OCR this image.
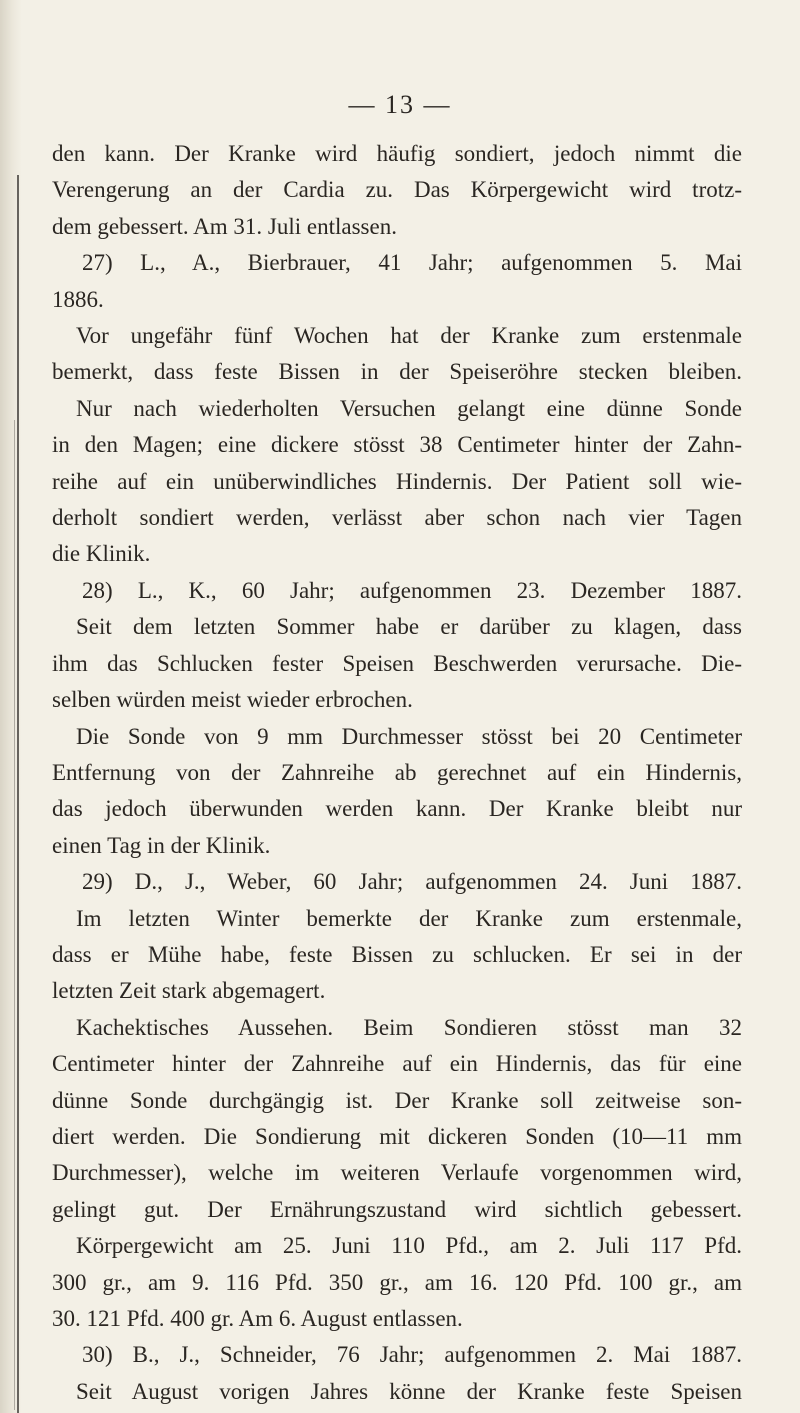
— 13 —
den kann. Der Kranke wird häufig sondiert, jedoch nimmt die
Verengerung an der Cardia zu. Das Körpergewicht wird trotz-
dem gebessert. Am 31. Juli entlassen.
27) L., A., Bierbrauer, 41 Jahr; aufgenommen 5. Mai
1886.
Vor ungefähr fünf Wochen hat der Kranke zum erstenmale
bemerkt, dass feste Bissen in der Speiseröhre stecken bleiben.
Nur nach wiederholten Versuchen gelangt eine dünne Sonde
in den Magen; eine dickere stösst 38 Centimeter hinter der Zahn-
reihe auf ein unüberwindliches Hindernis. Der Patient soll wie-
derholt sondiert werden, verlässt aber schon nach vier Tagen
die Klinik.
28) L., K., 60 Jahr; aufgenommen 23. Dezember 1887.
Seit dem letzten Sommer habe er darüber zu klagen, dass
ihm das Schlucken fester Speisen Beschwerden verursache. Die-
selben würden meist wieder erbrochen.
Die Sonde von 9 mm Durchmesser stösst bei 20 Centimeter
Entfernung von der Zahnreihe ab gerechnet auf ein Hindernis,
das jedoch überwunden werden kann. Der Kranke bleibt nur
einen Tag in der Klinik.
29) D., J., Weber, 60 Jahr; aufgenommen 24. Juni 1887.
Im letzten Winter bemerkte der Kranke zum erstenmale,
dass er Mühe habe, feste Bissen zu schlucken. Er sei in der
letzten Zeit stark abgemagert.
Kachektisches Aussehen. Beim Sondieren stösst man 32
Centimeter hinter der Zahnreihe auf ein Hindernis, das für eine
dünne Sonde durchgängig ist. Der Kranke soll zeitweise son-
diert werden. Die Sondierung mit dickeren Sonden (10—11 mm
Durchmesser), welche im weiteren Verlaufe vorgenommen wird,
gelingt gut. Der Ernährungszustand wird sichtlich gebessert.
Körpergewicht am 25. Juni 110 Pfd., am 2. Juli 117 Pfd.
300 gr., am 9. 116 Pfd. 350 gr., am 16. 120 Pfd. 100 gr., am
30. 121 Pfd. 400 gr. Am 6. August entlassen.
30) B., J., Schneider, 76 Jahr; aufgenommen 2. Mai 1887.
Seit August vorigen Jahres könne der Kranke feste Speisen
